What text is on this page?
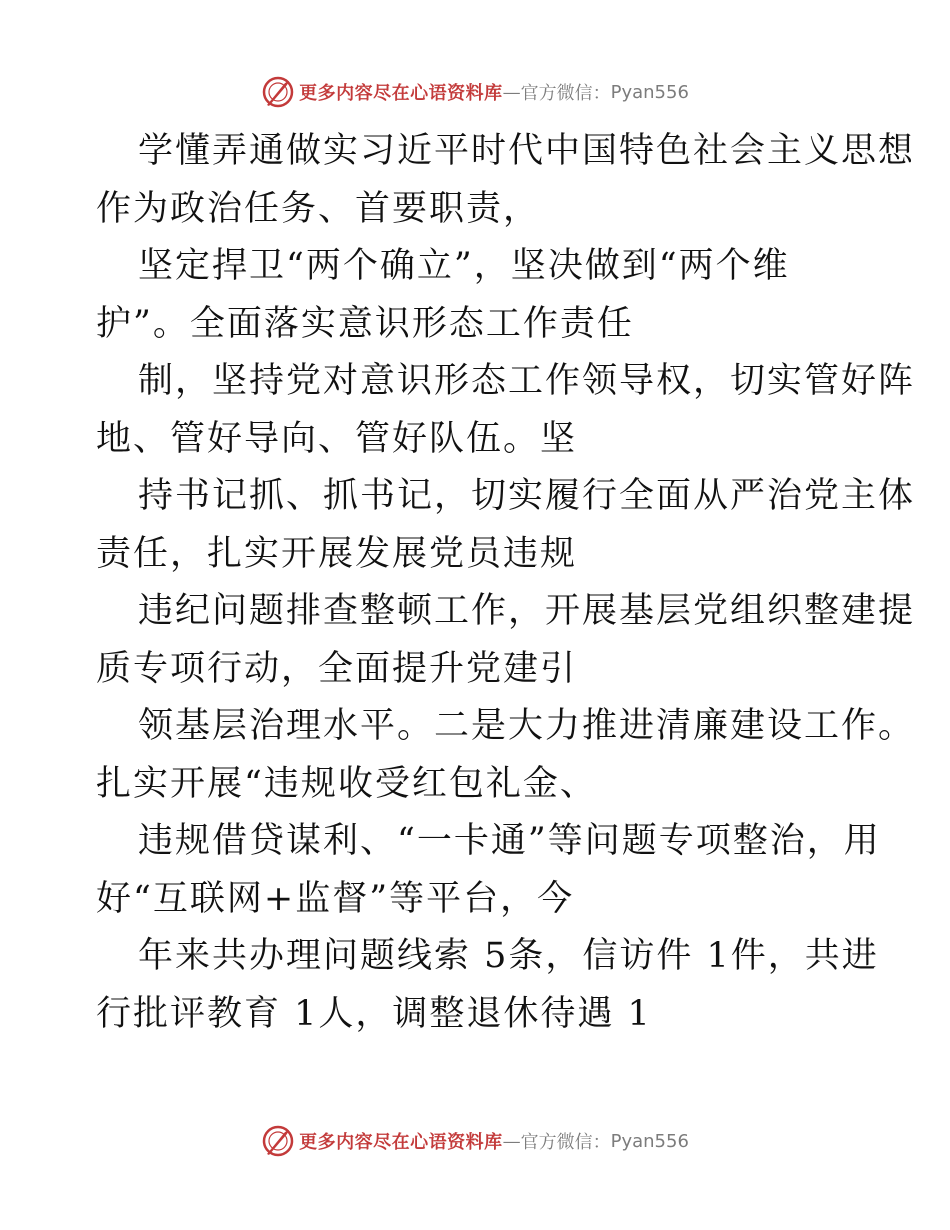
更多内容尽在心语资料库 — 官方微信： Pyan556
学懂弄通做实习近平时代中国特色社会主义思想
作为政治任务、首要职责，
坚定捍卫“两个确立”，坚决做到“两个维
护”。全面落实意识形态工作责任
制，坚持党对意识形态工作领导权，切实管好阵
地、管好导向、管好队伍。坚
持书记抓、抓书记，切实履行全面从严治党主体
责任，扎实开展发展党员违规
违纪问题排查整顿工作，开展基层党组织整建提
质专项行动，全面提升党建引
领基层治理水平。二是大力推进清廉建设工作。
扎实开展“违规收受红包礼金、
违规借贷谋利、“一卡通”等问题专项整治，用
好“互联网+监督”等平台，今
年来共办理问题线索 5条，信访件 1件，共进
行批评教育 1人，调整退休待遇 1
更多内容尽在心语资料库 — 官方微信： Pyan556
